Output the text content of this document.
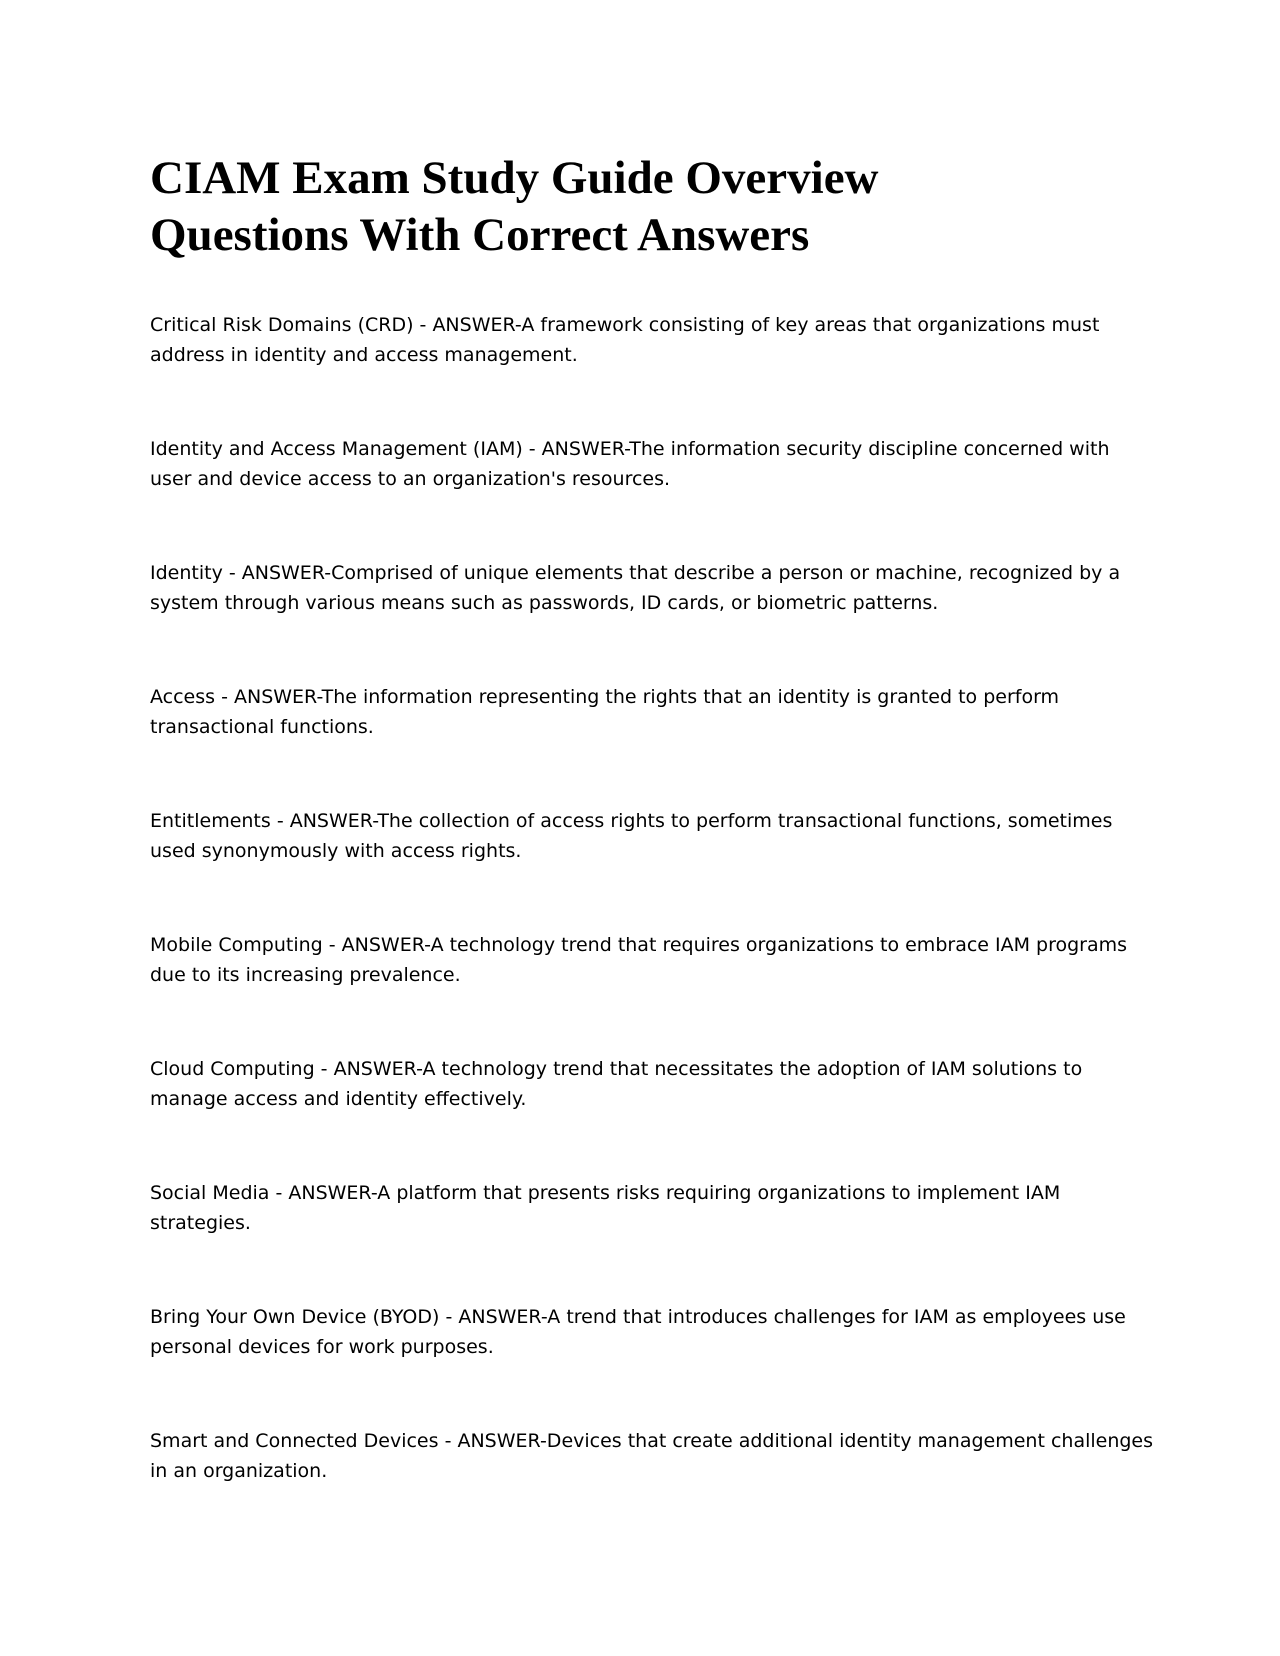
CIAM Exam Study Guide Overview
Questions With Correct Answers
Critical Risk Domains (CRD) - ANSWER-A framework consisting of key areas that organizations must
address in identity and access management.
Identity and Access Management (IAM) - ANSWER-The information security discipline concerned with
user and device access to an organization's resources.
Identity - ANSWER-Comprised of unique elements that describe a person or machine, recognized by a
system through various means such as passwords, ID cards, or biometric patterns.
Access - ANSWER-The information representing the rights that an identity is granted to perform
transactional functions.
Entitlements - ANSWER-The collection of access rights to perform transactional functions, sometimes
used synonymously with access rights.
Mobile Computing - ANSWER-A technology trend that requires organizations to embrace IAM programs
due to its increasing prevalence.
Cloud Computing - ANSWER-A technology trend that necessitates the adoption of IAM solutions to
manage access and identity effectively.
Social Media - ANSWER-A platform that presents risks requiring organizations to implement IAM
strategies.
Bring Your Own Device (BYOD) - ANSWER-A trend that introduces challenges for IAM as employees use
personal devices for work purposes.
Smart and Connected Devices - ANSWER-Devices that create additional identity management challenges
in an organization.
